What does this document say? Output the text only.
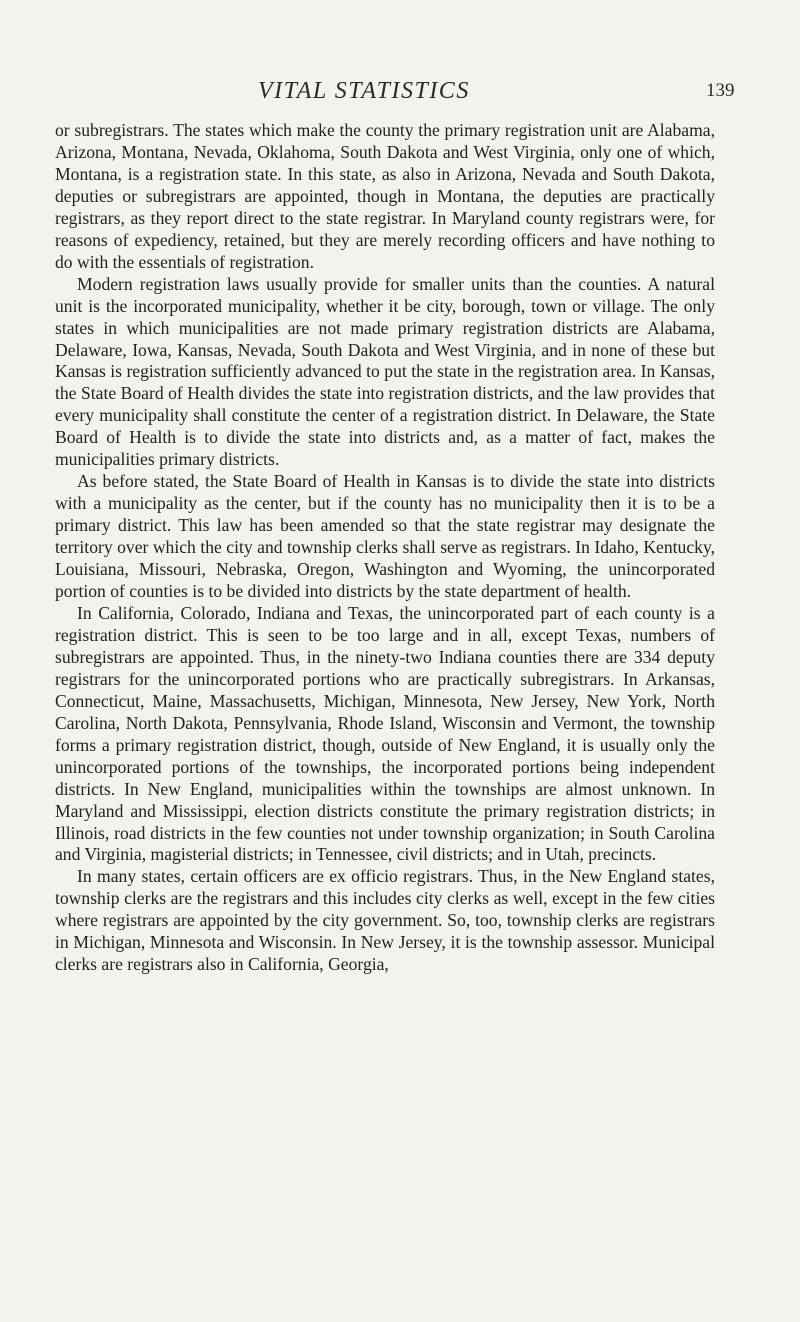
VITAL STATISTICS	139

or subregistrars. The states which make the county the primary registration unit are Alabama, Arizona, Montana, Nevada, Oklahoma, South Dakota and West Virginia, only one of which, Montana, is a registration state. In this state, as also in Arizona, Nevada and South Dakota, deputies or subregistrars are appointed, though in Montana, the deputies are practically registrars, as they report direct to the state registrar. In Maryland county registrars were, for reasons of expediency, retained, but they are merely recording officers and have nothing to do with the essentials of registration.

Modern registration laws usually provide for smaller units than the counties. A natural unit is the incorporated municipality, whether it be city, borough, town or village. The only states in which municipalities are not made primary registration districts are Alabama, Delaware, Iowa, Kansas, Nevada, South Dakota and West Virginia, and in none of these but Kansas is registration sufficiently advanced to put the state in the registration area. In Kansas, the State Board of Health divides the state into registration districts, and the law provides that every municipality shall constitute the center of a registration district. In Delaware, the State Board of Health is to divide the state into districts and, as a matter of fact, makes the municipalities primary districts.

As before stated, the State Board of Health in Kansas is to divide the state into districts with a municipality as the center, but if the county has no municipality then it is to be a primary district. This law has been amended so that the state registrar may designate the territory over which the city and township clerks shall serve as registrars. In Idaho, Kentucky, Louisiana, Missouri, Nebraska, Oregon, Washington and Wyoming, the unincorporated portion of counties is to be divided into districts by the state department of health.

In California, Colorado, Indiana and Texas, the unincorporated part of each county is a registration district. This is seen to be too large and in all, except Texas, numbers of subregistrars are appointed. Thus, in the ninety-two Indiana counties there are 334 deputy registrars for the unincorporated portions who are practically subregistrars. In Arkansas, Connecticut, Maine, Massachusetts, Michigan, Minnesota, New Jersey, New York, North Carolina, North Dakota, Pennsylvania, Rhode Island, Wisconsin and Vermont, the township forms a primary registration district, though, outside of New England, it is usually only the unincorporated portions of the townships, the incorporated portions being independent districts. In New England, municipalities within the townships are almost unknown. In Maryland and Mississippi, election districts constitute the primary registration districts; in Illinois, road districts in the few counties not under township organization; in South Carolina and Virginia, magisterial districts; in Tennessee, civil districts; and in Utah, precincts.

In many states, certain officers are ex officio registrars. Thus, in the New England states, township clerks are the registrars and this includes city clerks as well, except in the few cities where registrars are appointed by the city government. So, too, township clerks are registrars in Michigan, Minnesota and Wisconsin. In New Jersey, it is the township assessor. Municipal clerks are registrars also in California, Georgia,
